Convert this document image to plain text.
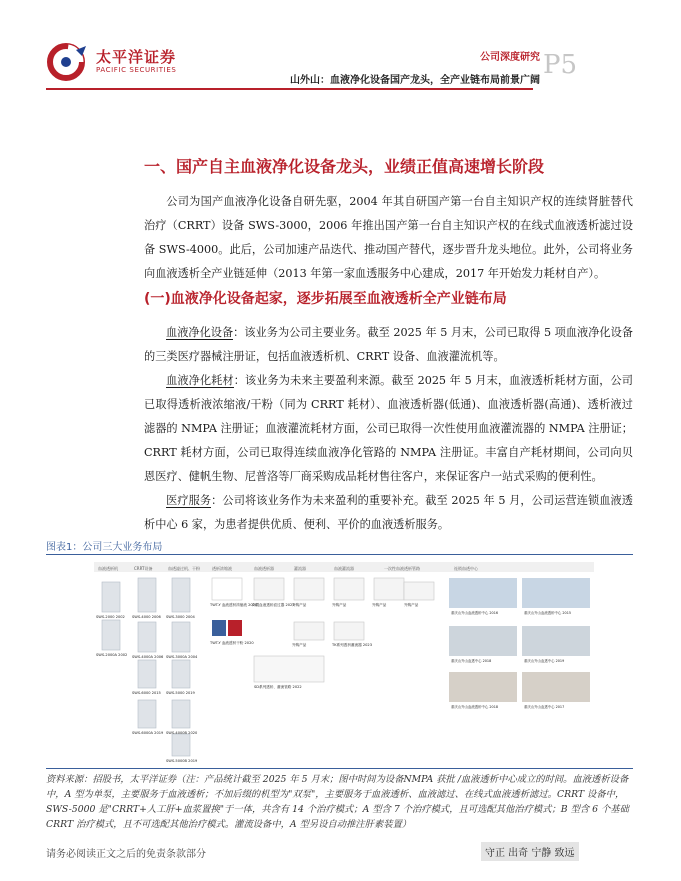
太平洋证券
PACIFIC SECURITIES
公司深度研究
山外山：血液净化设备国产龙头，全产业链布局前景广阔
P5
一、国产自主血液净化设备龙头，业绩正值高速增长阶段
公司为国产血液净化设备自研先驱，2004 年其自研国产第一台自主知识产权的连续肾脏替代治疗（CRRT）设备 SWS-3000，2006 年推出国产第一台自主知识产权的在线式血液透析滤过设备 SWS-4000。此后，公司加速产品迭代、推动国产替代，逐步晋升龙头地位。此外，公司将业务向血液透析全产业链延伸（2013 年第一家血透服务中心建成，2017 年开始发力耗材自产）。
(一)血液净化设备起家，逐步拓展至血液透析全产业链布局
血液净化设备：该业务为公司主要业务。截至 2025 年 5 月末，公司已取得 5 项血液净化设备的三类医疗器械注册证，包括血液透析机、CRRT 设备、血液灌流机等。
血液净化耗材：该业务为未来主要盈利来源。截至 2025 年 5 月末，血液透析耗材方面，公司已取得透析液浓缩液/干粉（同为 CRRT 耗材）、血液透析器(低通)、血液透析器(高通)、透析液过滤器的 NMPA 注册证；血液灌流耗材方面，公司已取得一次性使用血液灌流器的 NMPA 注册证；CRRT 耗材方面，公司已取得连续血液净化管路的 NMPA 注册证。丰富自产耗材期间，公司向贝恩医疗、健帆生物、尼普洛等厂商采购成品耗材售往客户，来保证客户一站式采购的便利性。
医疗服务：公司将该业务作为未来盈利的重要补充。截至 2025 年 5 月，公司运营连锁血液透析中心 6 家，为患者提供优质、便利、平价的血液透析服务。
图表1：公司三大业务布局
血液透析机	CRRT设备	血透滤过机、干粉	透析浓缩液	血液透析器	灌流器	血液灌流器	一次性血液透析管路	连锁血透中心
SWS-2000 2002 SWS-4000 2006 SWS-3000 2004
SWS-2000A 2002 SWS-4000A 2006 SWS-3000A 2004
SWS-6000 2015 SWS-5000 2019
SWS-6000A 2019 SWS-4000B 2020
SWS-5000B 2019
TWT-Y 血液透析浓缩液 2020
内置血液透析滤过器 2022
外购产品	外购产品	外购产品
TWT-Y 血液透析干粉 2020	外购产品	TK系列透析灌流器 2023
外购产品
SD系列透析、灌流管路 2022
重庆山外山血液透析中心 2016	重庆山外山血液透析中心 2015
重庆山外山血透中心 2018	重庆山外山血透中心 2019
重庆山外山血液透析中心 2018	重庆山外山血透中心 2017
资料来源：招股书，太平洋证券（注：产品统计截至 2025 年 5 月末；图中时间为设备NMPA 获批 /血液透析中心成立的时间。血液透析设备中，A 型为单泵，主要服务于血液透析；不加后缀的机型为"双泵"，主要服务于血液透析、血液滤过、在线式血液透析滤过。CRRT 设备中，SWS-5000 是"CRRT+人工肝+血浆置换"于一体，共含有 14 个治疗模式；A 型含 7 个治疗模式，且可选配其他治疗模式；B 型含 6 个基础 CRRT 治疗模式，且不可选配其他治疗模式。灌流设备中，A 型另设自动推注肝素装置）
请务必阅读正文之后的免责条款部分	守正 出奇 宁静 致远
